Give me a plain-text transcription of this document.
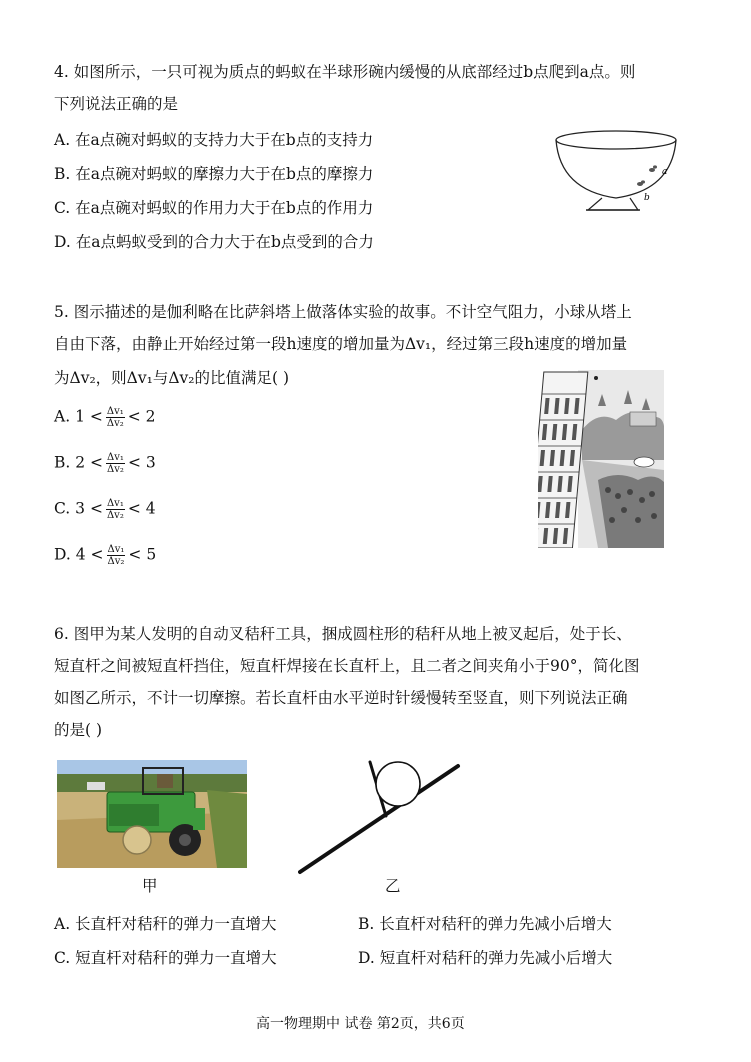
4. 如图所示，一只可视为质点的蚂蚁在半球形碗内缓慢的从底部经过b点爬到a点。则
下列说法正确的是
A. 在a点碗对蚂蚁的支持力大于在b点的支持力
B. 在a点碗对蚂蚁的摩擦力大于在b点的摩擦力
C. 在a点碗对蚂蚁的作用力大于在b点的作用力
D. 在a点蚂蚁受到的合力大于在b点受到的合力
a
b
5. 图示描述的是伽利略在比萨斜塔上做落体实验的故事。不计空气阻力，小球从塔上
自由下落，由静止开始经过第一段h速度的增加量为Δv₁，经过第三段h速度的增加量
为Δv₂，则Δv₁与Δv₂的比值满足( )
A. $1 < \frac{\text{Δv₁}}{\text{Δv₂}} < 2$
B. $2 < \frac{\text{Δv₁}}{\text{Δv₂}} < 3$
C. $3 < \frac{\text{Δv₁}}{\text{Δv₂}} < 4$
D. $4 < \frac{\text{Δv₁}}{\text{Δv₂}} < 5$
6. 图甲为某人发明的自动叉秸秆工具，捆成圆柱形的秸秆从地上被叉起后，处于长、
短直杆之间被短直杆挡住，短直杆焊接在长直杆上，且二者之间夹角小于90°，简化图
如图乙所示，不计一切摩擦。若长直杆由水平逆时针缓慢转至竖直，则下列说法正确
的是( )
甲	乙
A. 长直杆对秸秆的弹力一直增大	B. 长直杆对秸秆的弹力先减小后增大
C. 短直杆对秸秆的弹力一直增大	D. 短直杆对秸秆的弹力先减小后增大
高一物理期中 试卷 第2页，共6页
